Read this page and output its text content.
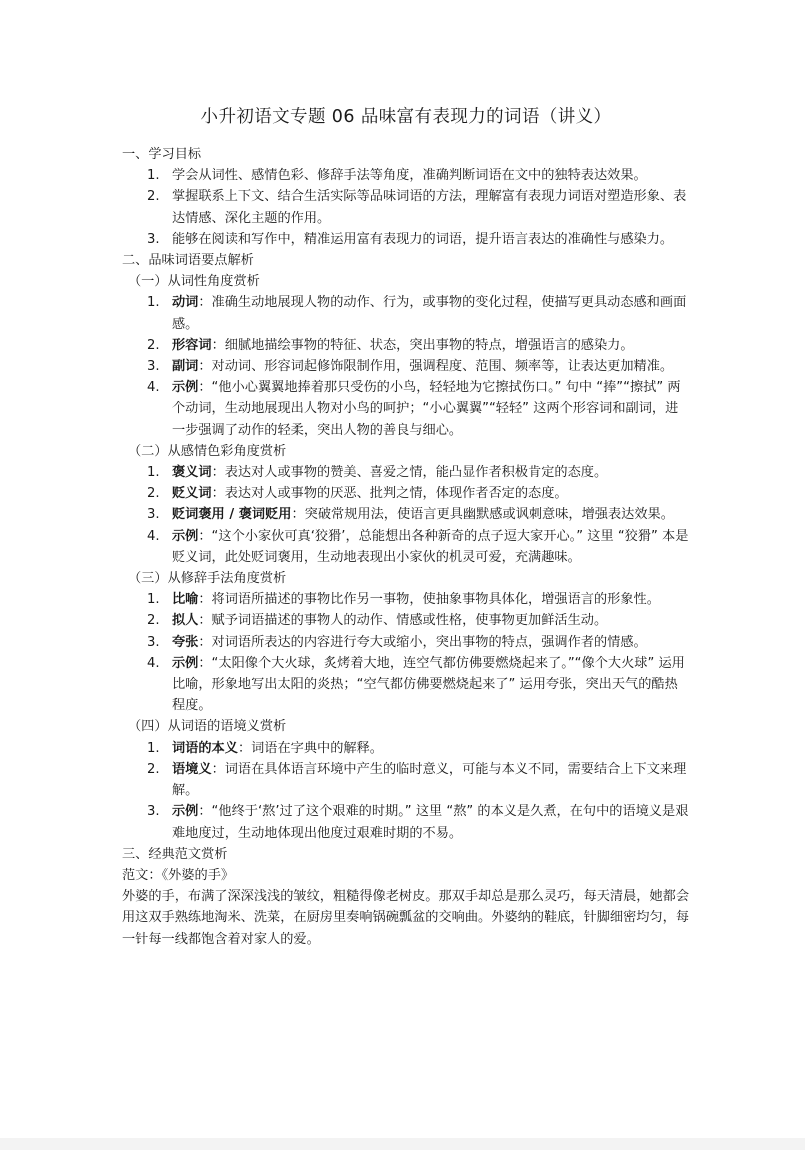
小升初语文专题 06 品味富有表现力的词语（讲义）

一、学习目标

1. 学会从词性、感情色彩、修辞手法等角度，准确判断词语在文中的独特表达效果。
2. 掌握联系上下文、结合生活实际等品味词语的方法，理解富有表现力词语对塑造形象、表达情感、深化主题的作用。
3. 能够在阅读和写作中，精准运用富有表现力的词语，提升语言表达的准确性与感染力。

二、品味词语要点解析

（一）从词性角度赏析

1. 动词：准确生动地展现人物的动作、行为，或事物的变化过程，使描写更具动态感和画面感。
2. 形容词：细腻地描绘事物的特征、状态，突出事物的特点，增强语言的感染力。
3. 副词：对动词、形容词起修饰限制作用，强调程度、范围、频率等，让表达更加精准。
4. 示例：“他小心翼翼地捧着那只受伤的小鸟，轻轻地为它擦拭伤口。” 句中 “捧”“擦拭” 两个动词，生动地展现出人物对小鸟的呵护；“小心翼翼”“轻轻” 这两个形容词和副词，进一步强调了动作的轻柔，突出人物的善良与细心。

（二）从感情色彩角度赏析

1. 褒义词：表达对人或事物的赞美、喜爱之情，能凸显作者积极肯定的态度。
2. 贬义词：表达对人或事物的厌恶、批判之情，体现作者否定的态度。
3. 贬词褒用 / 褒词贬用：突破常规用法，使语言更具幽默感或讽刺意味，增强表达效果。
4. 示例：“这个小家伙可真‘狡猾’，总能想出各种新奇的点子逗大家开心。” 这里 “狡猾” 本是贬义词，此处贬词褒用，生动地表现出小家伙的机灵可爱，充满趣味。

（三）从修辞手法角度赏析

1. 比喻：将词语所描述的事物比作另一事物，使抽象事物具体化，增强语言的形象性。
2. 拟人：赋予词语描述的事物人的动作、情感或性格，使事物更加鲜活生动。
3. 夸张：对词语所表达的内容进行夸大或缩小，突出事物的特点，强调作者的情感。
4. 示例：“太阳像个大火球，炙烤着大地，连空气都仿佛要燃烧起来了。”“像个大火球” 运用比喻，形象地写出太阳的炎热；“空气都仿佛要燃烧起来了” 运用夸张，突出天气的酷热程度。

（四）从词语的语境义赏析

1. 词语的本义：词语在字典中的解释。
2. 语境义：词语在具体语言环境中产生的临时意义，可能与本义不同，需要结合上下文来理解。
3. 示例：“他终于‘熬’过了这个艰难的时期。” 这里 “熬” 的本义是久煮，在句中的语境义是艰难地度过，生动地体现出他度过艰难时期的不易。

三、经典范文赏析

范文：《外婆的手》

外婆的手，布满了深深浅浅的皱纹，粗糙得像老树皮。那双手却总是那么灵巧，每天清晨，她都会用这双手熟练地淘米、洗菜，在厨房里奏响锅碗瓢盆的交响曲。外婆纳的鞋底，针脚细密均匀，每一针每一线都饱含着对家人的爱。
